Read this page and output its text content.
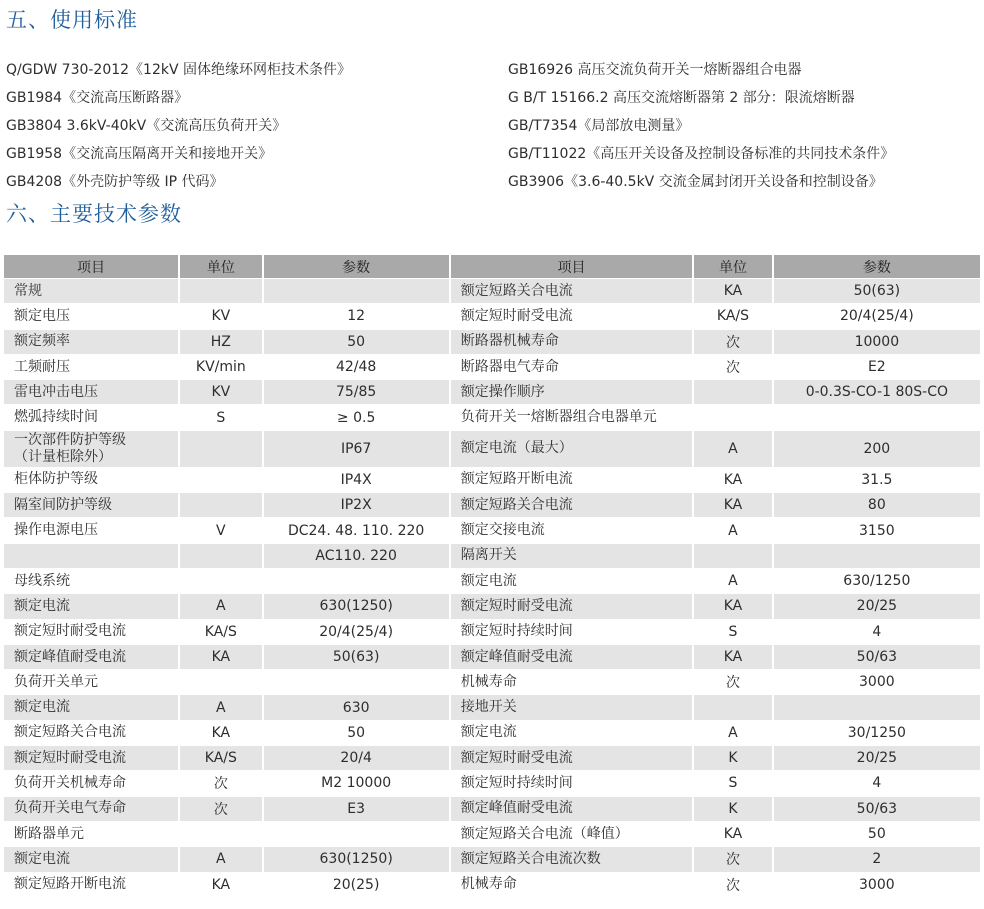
五、使用标准
Q/GDW 730-2012《12kV 固体绝缘环网柜技术条件》
GB1984《交流高压断路器》
GB3804 3.6kV-40kV《交流高压负荷开关》
GB1958《交流高压隔离开关和接地开关》
GB4208《外壳防护等级 IP 代码》
GB16926 高压交流负荷开关一熔断器组合电器
G B/T 15166.2 高压交流熔断器第 2 部分：限流熔断器
GB/T7354《局部放电测量》
GB/T11022《高压开关设备及控制设备标准的共同技术条件》
GB3906《3.6-40.5kV 交流金属封闭开关设备和控制设备》
六、主要技术参数
项目	单位	参数	项目	单位	参数
常规			额定短路关合电流	KA	50(63)
额定电压	KV	12	额定短时耐受电流	KA/S	20/4(25/4)
额定频率	HZ	50	断路器机械寿命	次	10000
工频耐压	KV/min	42/48	断路器电气寿命	次	E2
雷电冲击电压	KV	75/85	额定操作顺序		0-0.3S-CO-1 80S-CO
燃弧持续时间	S	≥ 0.5	负荷开关一熔断器组合电器单元		
一次部件防护等级
（计量柜除外）		IP67	额定电流（最大）	A	200
柜体防护等级		IP4X	额定短路开断电流	KA	31.5
隔室间防护等级		IP2X	额定短路关合电流	KA	80
操作电源电压	V	DC24. 48. 110. 220	额定交接电流	A	3150
		AC110. 220	隔离开关		
母线系统			额定电流	A	630/1250
额定电流	A	630(1250)	额定短时耐受电流	KA	20/25
额定短时耐受电流	KA/S	20/4(25/4)	额定短时持续时间	S	4
额定峰值耐受电流	KA	50(63)	额定峰值耐受电流	KA	50/63
负荷开关单元			机械寿命	次	3000
额定电流	A	630	接地开关		
额定短路关合电流	KA	50	额定电流	A	30/1250
额定短时耐受电流	KA/S	20/4	额定短时耐受电流	K	20/25
负荷开关机械寿命	次	M2 10000	额定短时持续时间	S	4
负荷开关电气寿命	次	E3	额定峰值耐受电流	K	50/63
断路器单元			额定短路关合电流（峰值）	KA	50
额定电流	A	630(1250)	额定短路关合电流次数	次	2
额定短路开断电流	KA	20(25)	机械寿命	次	3000
